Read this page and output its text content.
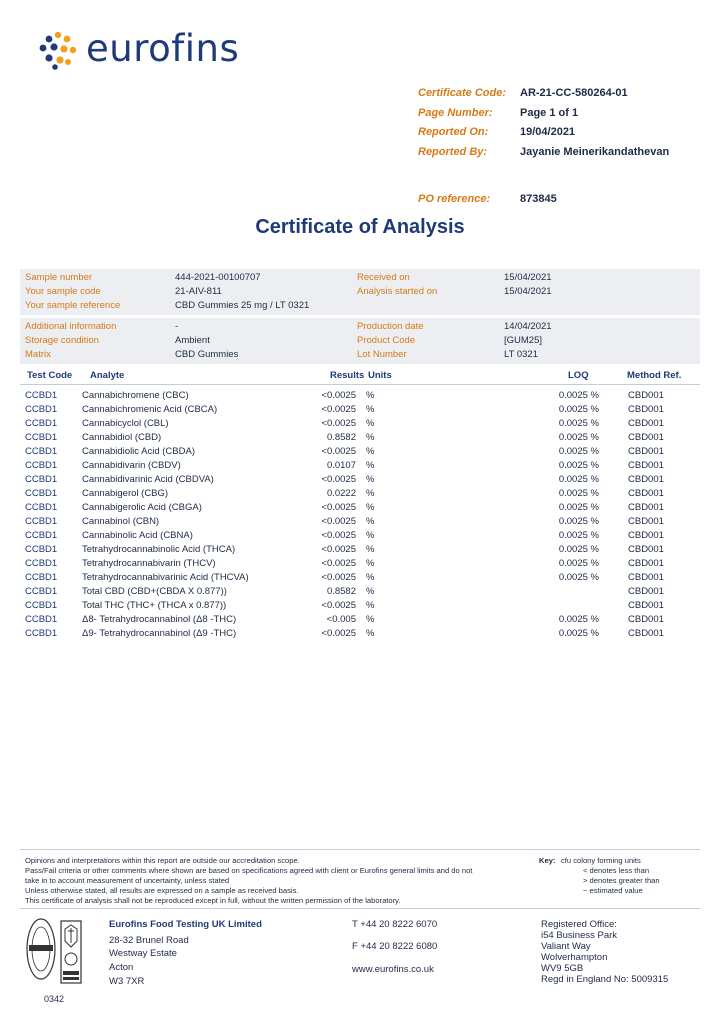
eurofins
Certificate Code: AR-21-CC-580264-01
Page Number: Page 1 of 1
Reported On:	19/04/2021
Reported By:	Jayanie Meinerikandathevan
PO reference:	873845
Certificate of Analysis
Sample number	444-2021-00100707	Received on	15/04/2021
Your sample code	21-AIV-811	Analysis started on	15/04/2021
Your sample reference	CBD Gummies 25 mg / LT 0321
Additional information	-	Production date	14/04/2021
Storage condition	Ambient	Product Code	[GUM25]
Matrix	CBD Gummies	Lot Number	LT 0321
Test Code Analyte	Results Units	LOQ	Method Ref.
CCBD1	Cannabichromene (CBC)	<0.0025 %	0.0025 %	CBD001
CCBD1	Cannabichromenic Acid (CBCA)	<0.0025 %	0.0025 %	CBD001
CCBD1	Cannabicyclol (CBL)	<0.0025 %	0.0025 %	CBD001
CCBD1	Cannabidiol (CBD)	0.8582 %	0.0025 %	CBD001
CCBD1	Cannabidiolic Acid (CBDA)	<0.0025 %	0.0025 %	CBD001
CCBD1	Cannabidivarin (CBDV)	0.0107 %	0.0025 %	CBD001
CCBD1	Cannabidivarinic Acid (CBDVA)	<0.0025 %	0.0025 %	CBD001
CCBD1	Cannabigerol (CBG)	0.0222 %	0.0025 %	CBD001
CCBD1	Cannabigerolic Acid (CBGA)	<0.0025 %	0.0025 %	CBD001
CCBD1	Cannabinol (CBN)	<0.0025 %	0.0025 %	CBD001
CCBD1	Cannabinolic Acid (CBNA)	<0.0025 %	0.0025 %	CBD001
CCBD1	Tetrahydrocannabinolic Acid (THCA)	<0.0025 %	0.0025 %	CBD001
CCBD1	Tetrahydrocannabivarin (THCV)	<0.0025 %	0.0025 %	CBD001
CCBD1	Tetrahydrocannabivarinic Acid (THCVA)	<0.0025 %	0.0025 %	CBD001
CCBD1	Total CBD (CBD+(CBDA X 0.877))	0.8582 %	CBD001
CCBD1	Total THC (THC+ (THCA x 0.877))	<0.0025 %	CBD001
CCBD1	Δ8- Tetrahydrocannabinol (Δ8 -THC)	<0.005 %	0.0025 %	CBD001
CCBD1	Δ9- Tetrahydrocannabinol (Δ9 -THC)	<0.0025 %	0.0025 %	CBD001
Opinions and interpretations within this report are outside our accreditation scope.
Pass/Fail criteria or other comments where shown are based on specifications agreed with client or Eurofins general limits and do not
take in to account measurement of uncertainty, unless stated
Unless otherwise stated, all results are expressed on a sample as received basis.
This certificate of analysis shall not be reproduced except in full, without the written permission of the laboratory.
Key: cfu colony forming units
< denotes less than
> denotes greater than
~ estimated value
0342
Eurofins Food Testing UK Limited
28-32 Brunel Road
Westway Estate
Acton
W3 7XR
T +44 20 8222 6070
F +44 20 8222 6080
www.eurofins.co.uk
Registered Office:
i54 Business Park
Valiant Way
Wolverhampton
WV9 5GB
Regd in England No: 5009315
